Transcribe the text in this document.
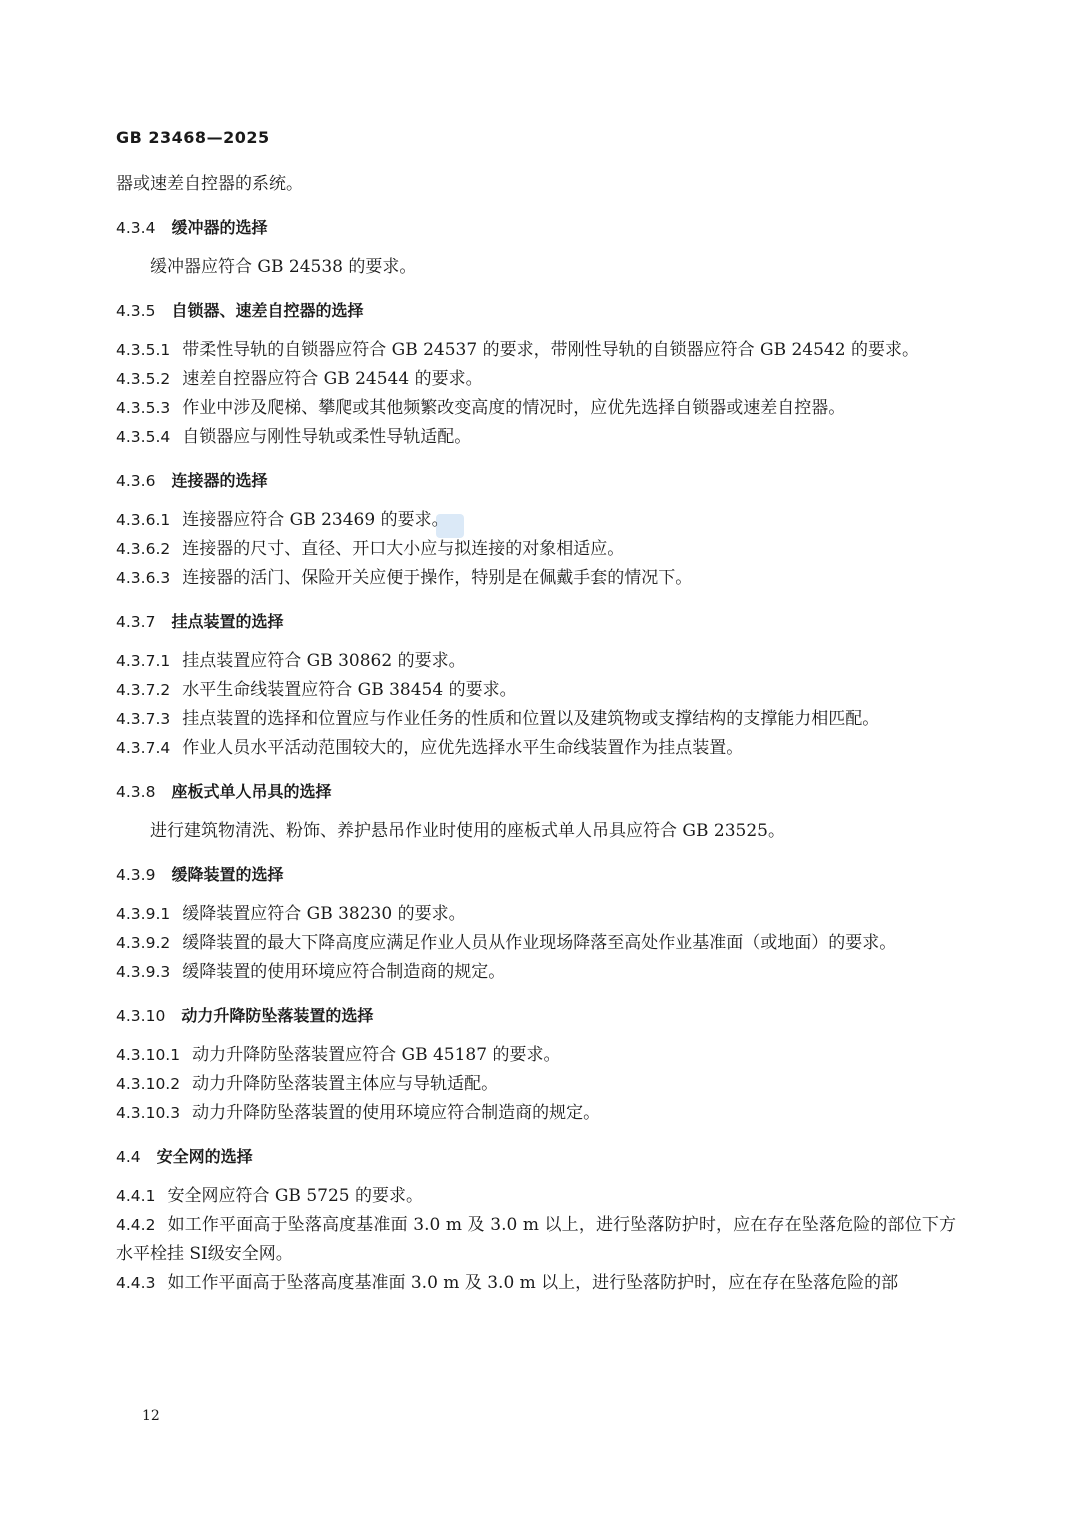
GB 23468—2025
器或速差自控器的系统。
4.3.4 缓冲器的选择
缓冲器应符合 GB 24538 的要求。
4.3.5 自锁器、速差自控器的选择
4.3.5.1 带柔性导轨的自锁器应符合 GB 24537 的要求，带刚性导轨的自锁器应符合 GB 24542 的要求。
4.3.5.2 速差自控器应符合 GB 24544 的要求。
4.3.5.3 作业中涉及爬梯、攀爬或其他频繁改变高度的情况时，应优先选择自锁器或速差自控器。
4.3.5.4 自锁器应与刚性导轨或柔性导轨适配。
4.3.6 连接器的选择
4.3.6.1 连接器应符合 GB 23469 的要求。
4.3.6.2 连接器的尺寸、直径、开口大小应与拟连接的对象相适应。
4.3.6.3 连接器的活门、保险开关应便于操作，特别是在佩戴手套的情况下。
4.3.7 挂点装置的选择
4.3.7.1 挂点装置应符合 GB 30862 的要求。
4.3.7.2 水平生命线装置应符合 GB 38454 的要求。
4.3.7.3 挂点装置的选择和位置应与作业任务的性质和位置以及建筑物或支撑结构的支撑能力相匹配。
4.3.7.4 作业人员水平活动范围较大的，应优先选择水平生命线装置作为挂点装置。
4.3.8 座板式单人吊具的选择
进行建筑物清洗、粉饰、养护悬吊作业时使用的座板式单人吊具应符合 GB 23525。
4.3.9 缓降装置的选择
4.3.9.1 缓降装置应符合 GB 38230 的要求。
4.3.9.2 缓降装置的最大下降高度应满足作业人员从作业现场降落至高处作业基准面（或地面）的要求。
4.3.9.3 缓降装置的使用环境应符合制造商的规定。
4.3.10 动力升降防坠落装置的选择
4.3.10.1 动力升降防坠落装置应符合 GB 45187 的要求。
4.3.10.2 动力升降防坠落装置主体应与导轨适配。
4.3.10.3 动力升降防坠落装置的使用环境应符合制造商的规定。
4.4 安全网的选择
4.4.1 安全网应符合 GB 5725 的要求。
4.4.2 如工作平面高于坠落高度基准面 3.0 m 及 3.0 m 以上，进行坠落防护时，应在存在坠落危险的部位下方水平栓挂 SⅠ级安全网。
4.4.3 如工作平面高于坠落高度基准面 3.0 m 及 3.0 m 以上，进行坠落防护时，应在存在坠落危险的部
12
